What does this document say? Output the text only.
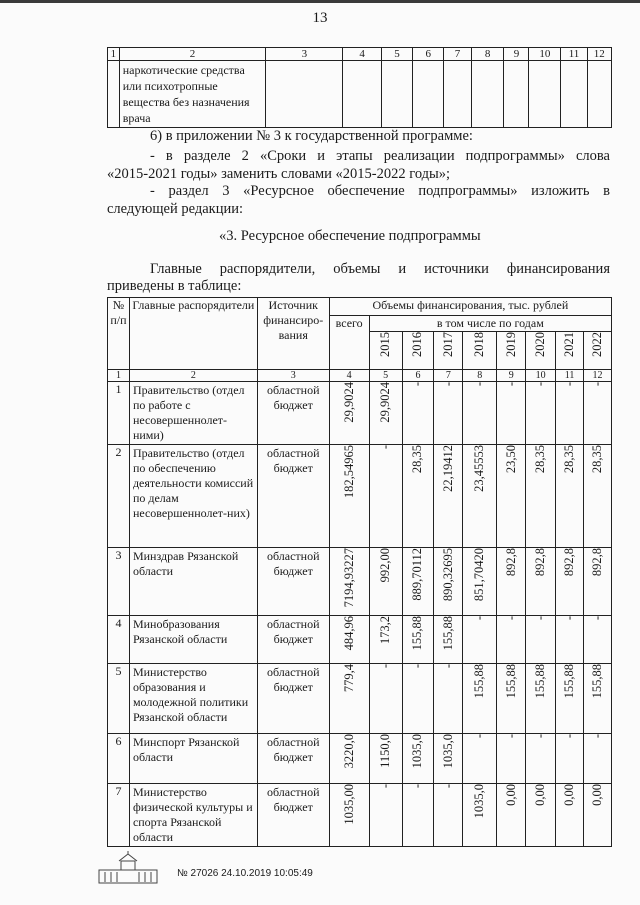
13
1	2	3	4	5	6	7	8	9	10	11	12
	наркотические средства или психотропные вещества без назначения врача										
6) в приложении № 3 к государственной программе:
- в разделе 2 «Сроки и этапы реализации подпрограммы» слова
«2015-2021 годы» заменить словами «2015-2022 годы»;
- раздел 3 «Ресурсное обеспечение подпрограммы» изложить в
следующей редакции:
«3. Ресурсное обеспечение подпрограммы
Главные распорядители, объемы и источники финансирования
приведены в таблице:
№ п/п	Главные распорядители	Источник финансиро-вания	Объемы финансирования, тыс. рублей								
			всего	в том числе по годам							

				2015	2016	2017	2018	2019	2020	2021	2022

1	2	3	4	5	6	7	8	9	10	11	12
1	Правительство (отдел по работе с несовершеннолет-ними)	областной бюджет	29,9024	29,9024	-	-	-	-	-	-	-

2	Правительство (отдел по обеспечению деятельности комиссий по делам несовершеннолет-них)	областной бюджет	182,54965	-	28,35	22,19412	23,45553	23,50	28,35	28,35	28,35

3	Минздрав Рязанской области	областной бюджет	7194,93227	992,00	889,70112	890,32695	851,70420	892,8	892,8	892,8	892,8

4	Минобразования Рязанской области	областной бюджет	484,96	173,2	155,88	155,88	-	-	-	-	-

5	Министерство образования и молодежной политики Рязанской области	областной бюджет	779,4	-	-	-	155,88	155,88	155,88	155,88	155,88

6	Минспорт Рязанской области	областной бюджет	3220,0	1150,0	1035,0	1035,0	-	-	-	-	-

7	Министерство физической культуры и спорта Рязанской области	областной бюджет	1035,00	-	-	-	1035,0	0,00	0,00	0,00	0,00
№ 27026 24.10.2019 10:05:49
